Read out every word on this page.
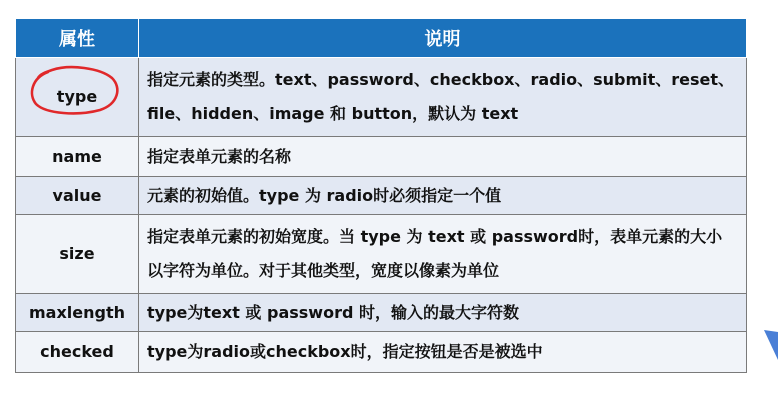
属性	说明
type	指定元素的类型。text、password、checkbox、radio、submit、reset、file、hidden、image 和 button，默认为 text
name	指定表单元素的名称
value	元素的初始值。type 为 radio时必须指定一个值
size	指定表单元素的初始宽度。当 type 为 text 或 password时，表单元素的大小以字符为单位。对于其他类型，宽度以像素为单位
maxlength	type为text 或 password 时，输入的最大字符数
checked	type为radio或checkbox时，指定按钮是否是被选中
